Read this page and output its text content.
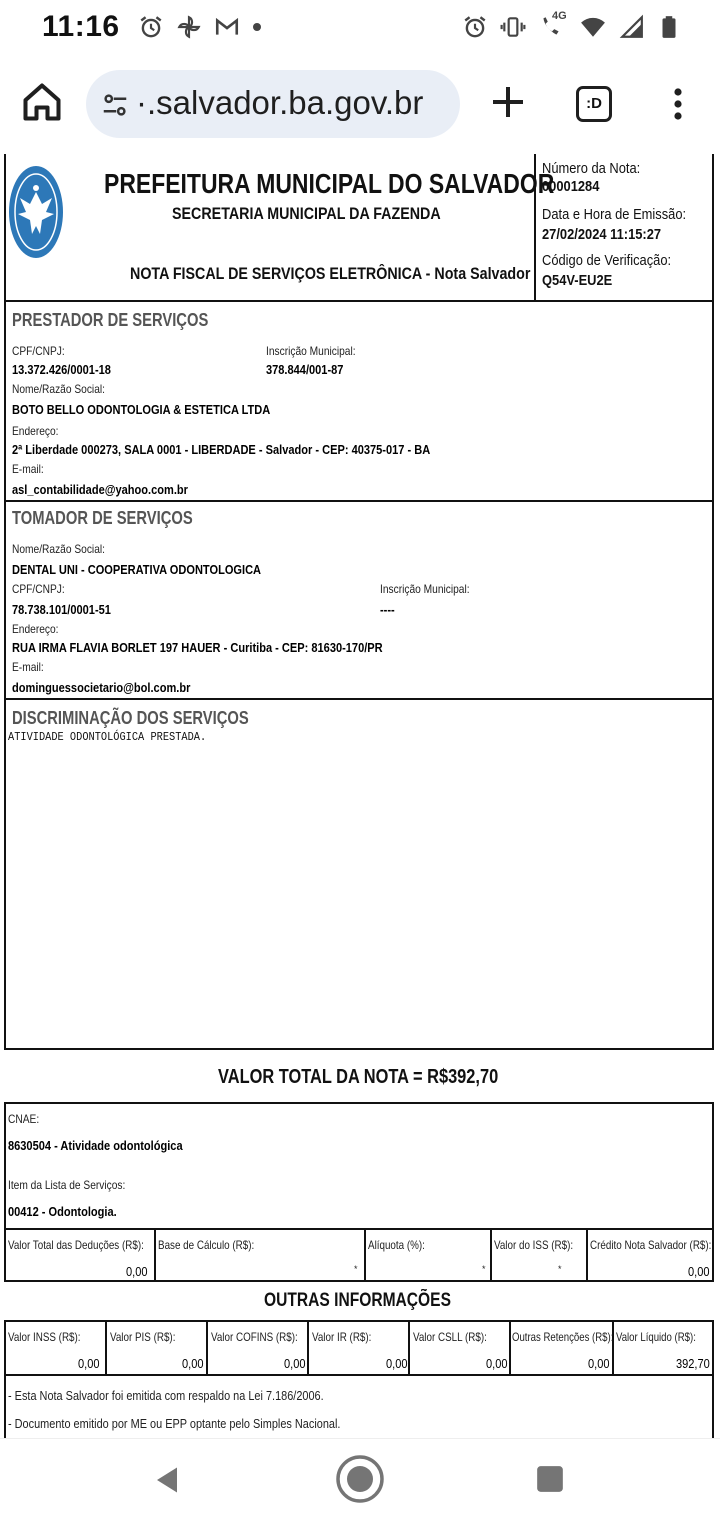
11:16	4G
·.salvador.ba.gov.br	:D
PREFEITURA MUNICIPAL DO SALVADOR
SECRETARIA MUNICIPAL DA FAZENDA
NOTA FISCAL DE SERVIÇOS ELETRÔNICA - Nota Salvador
Número da Nota:

00001284
Data e Hora de Emissão:
27/02/2024 11:15:27
Código de Verificação:
Q54V-EU2E
PRESTADOR DE SERVIÇOS
CPF/CNPJ:
13.372.426/0001-18
Inscrição Municipal:
378.844/001-87
Nome/Razão Social:
BOTO BELLO ODONTOLOGIA & ESTETICA LTDA
Endereço:
2ª Liberdade 000273, SALA 0001 - LIBERDADE - Salvador - CEP: 40375-017 - BA
E-mail:
asl_contabilidade@yahoo.com.br
TOMADOR DE SERVIÇOS
Nome/Razão Social:
DENTAL UNI - COOPERATIVA ODONTOLOGICA
CPF/CNPJ:
78.738.101/0001-51
Inscrição Municipal:
----
Endereço:
RUA IRMA FLAVIA BORLET 197 HAUER - Curitiba - CEP: 81630-170/PR
E-mail:
dominguessocietario@bol.com.br
DISCRIMINAÇÃO DOS SERVIÇOS
ATIVIDADE ODONTOLÓGICA PRESTADA.
VALOR TOTAL DA NOTA = R$392,70
CNAE:
8630504 - Atividade odontológica
Item da Lista de Serviços:
00412 - Odontologia.
Valor Total das Deduções (R$):
0,00
Base de Cálculo (R$):
*
Alíquota (%):
*
Valor do ISS (R$):
*
Crédito Nota Salvador (R$):
0,00
OUTRAS INFORMAÇÕES
Valor INSS (R$):
0,00
Valor PIS (R$):
0,00
Valor COFINS (R$):
0,00
Valor IR (R$):
0,00
Valor CSLL (R$):
0,00
Outras Retenções (R$):
0,00
Valor Líquido (R$):
392,70
- Esta Nota Salvador foi emitida com respaldo na Lei 7.186/2006.
- Documento emitido por ME ou EPP optante pelo Simples Nacional.
